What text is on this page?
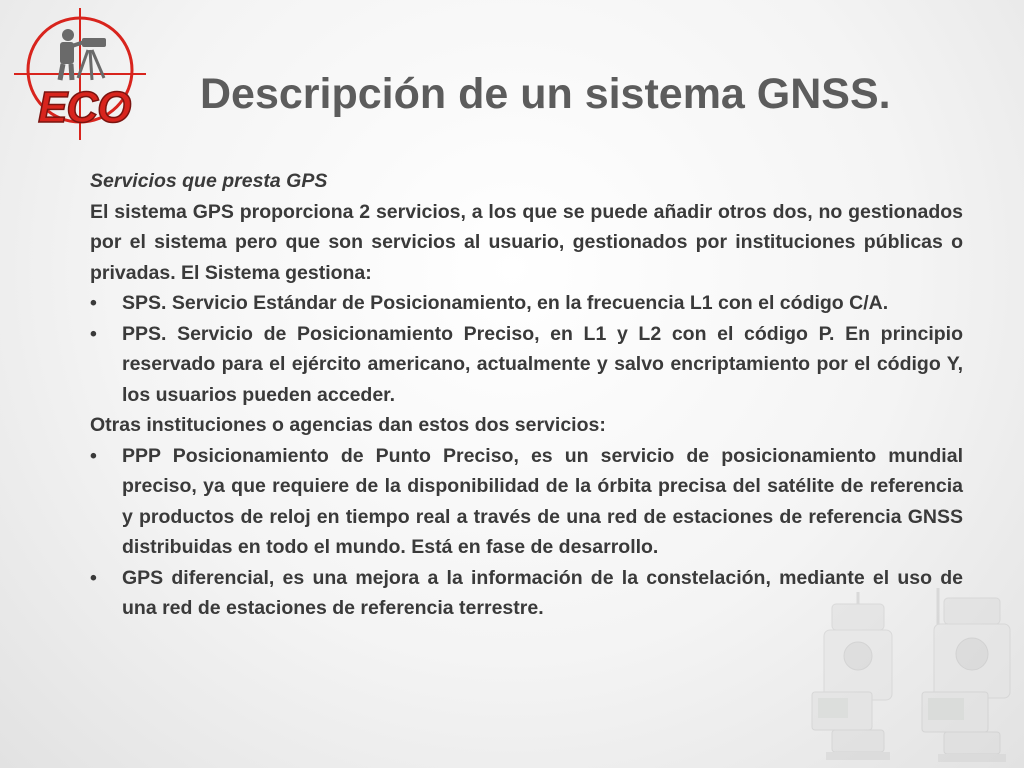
ECO Descripción de un sistema GNSS.

Servicios que presta GPS

El sistema GPS proporciona 2 servicios, a los que se puede añadir otros dos, no gestionados por el sistema pero que son servicios al usuario, gestionados por instituciones públicas o privadas. El Sistema gestiona:

• SPS. Servicio Estándar de Posicionamiento, en la frecuencia L1 con el código C/A.
• PPS. Servicio de Posicionamiento Preciso, en L1 y L2 con el código P. En principio reservado para el ejército americano, actualmente y salvo encriptamiento por el código Y, los usuarios pueden acceder.

Otras instituciones o agencias dan estos dos servicios:

• PPP Posicionamiento de Punto Preciso, es un servicio de posicionamiento mundial preciso, ya que requiere de la disponibilidad de la órbita precisa del satélite de referencia y productos de reloj en tiempo real a través de una red de estaciones de referencia GNSS distribuidas en todo el mundo. Está en fase de desarrollo.
• GPS diferencial, es una mejora a la información de la constelación, mediante el uso de una red de estaciones de referencia terrestre.
